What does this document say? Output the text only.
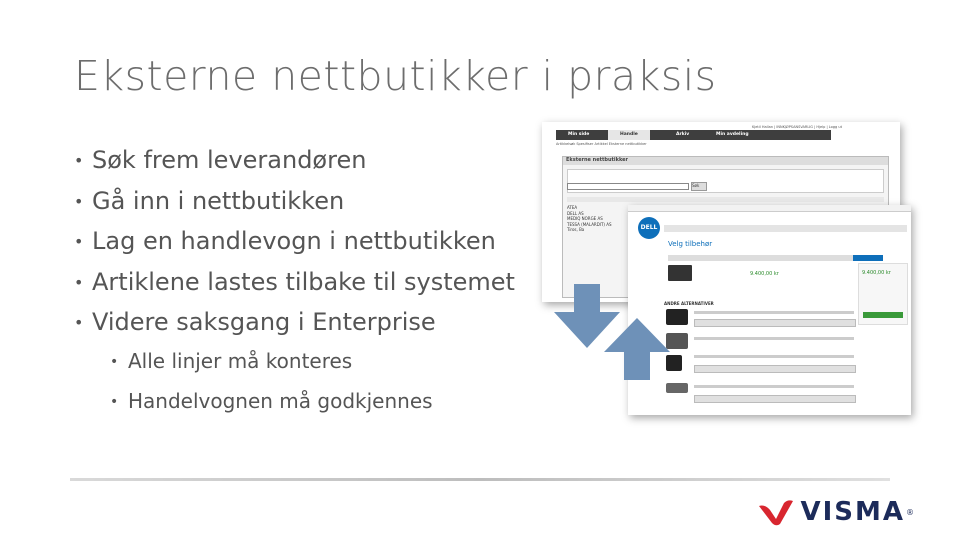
Eksterne nettbutikker i praksis
• Søk frem leverandøren
• Gå inn i nettbutikken
• Lag en handlevogn i nettbutikken
• Artiklene lastes tilbake til systemet
• Videre saksgang i Enterprise
• Alle linjer må konteres
• Handelvognen må godkjennes
Min side	Handle	Arkiv	Min avdeling
Kjetil Hallan | INNKJØPSANSVARLIG | Hjelp | Logg ut
Artikkelsøk Spesifiser Artikkel Eksterne nettbutikker
Eksterne nettbutikker
Søk
ATEA
DELL AS
MEDIQ NORGE AS
TESSA (MALARDIT) AS
Tiros, Ba	DELL
Velg tilbehør
9.400,00 kr	9.400,00 kr
ANDRE ALTERNATIVER
VISMA ®
